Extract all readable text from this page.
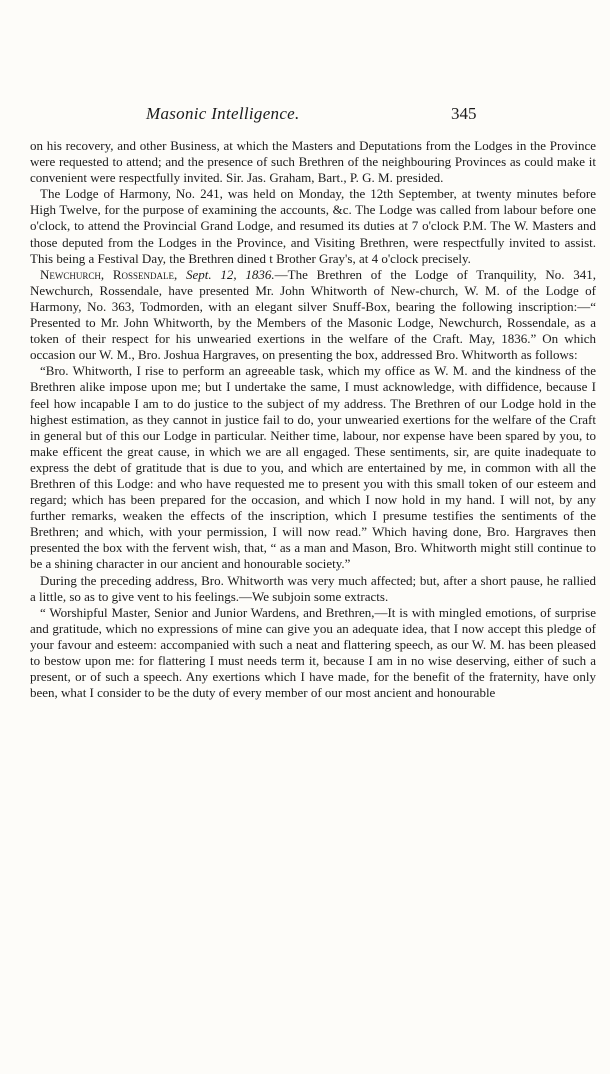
Masonic Intelligence.	345

on his recovery, and other Business, at which the Masters and Deputations from the Lodges in the Province were requested to attend; and the presence of such Brethren of the neighbouring Provinces as could make it convenient were respectfully invited. Sir. Jas. Graham, Bart., P. G. M. presided.

The Lodge of Harmony, No. 241, was held on Monday, the 12th September, at twenty minutes before High Twelve, for the purpose of examining the accounts, &c. The Lodge was called from labour before one o'clock, to attend the Provincial Grand Lodge, and resumed its duties at 7 o'clock P.M. The W. Masters and those deputed from the Lodges in the Province, and Visiting Brethren, were respectfully invited to assist. This being a Festival Day, the Brethren dined t Brother Gray's, at 4 o'clock precisely.

Newchurch, Rossendale, Sept. 12, 1836.—The Brethren of the Lodge of Tranquility, No. 341, Newchurch, Rossendale, have presented Mr. John Whitworth of New-church, W. M. of the Lodge of Harmony, No. 363, Todmorden, with an elegant silver Snuff-Box, bearing the following inscription:—“ Presented to Mr. John Whitworth, by the Members of the Masonic Lodge, Newchurch, Rossendale, as a token of their respect for his unwearied exertions in the welfare of the Craft. May, 1836.” On which occasion our W. M., Bro. Joshua Hargraves, on presenting the box, addressed Bro. Whitworth as follows:

“Bro. Whitworth, I rise to perform an agreeable task, which my office as W. M. and the kindness of the Brethren alike impose upon me; but I undertake the same, I must acknowledge, with diffidence, because I feel how incapable I am to do justice to the subject of my address. The Brethren of our Lodge hold in the highest estimation, as they cannot in justice fail to do, your unwearied exertions for the welfare of the Craft in general but of this our Lodge in particular. Neither time, labour, nor expense have been spared by you, to make efficent the great cause, in which we are all engaged. These sentiments, sir, are quite inadequate to express the debt of gratitude that is due to you, and which are entertained by me, in common with all the Brethren of this Lodge: and who have requested me to present you with this small token of our esteem and regard; which has been prepared for the occasion, and which I now hold in my hand. I will not, by any further remarks, weaken the effects of the inscription, which I presume testifies the sentiments of the Brethren; and which, with your permission, I will now read.” Which having done, Bro. Hargraves then presented the box with the fervent wish, that, “ as a man and Mason, Bro. Whitworth might still continue to be a shining character in our ancient and honourable society.”

During the preceding address, Bro. Whitworth was very much affected; but, after a short pause, he rallied a little, so as to give vent to his feelings.—We subjoin some extracts.

“ Worshipful Master, Senior and Junior Wardens, and Brethren,—It is with mingled emotions, of surprise and gratitude, which no expressions of mine can give you an adequate idea, that I now accept this pledge of your favour and esteem: accompanied with such a neat and flattering speech, as our W. M. has been pleased to bestow upon me: for flattering I must needs term it, because I am in no wise deserving, either of such a present, or of such a speech. Any exertions which I have made, for the benefit of the fraternity, have only been, what I consider to be the duty of every member of our most ancient and honourable
